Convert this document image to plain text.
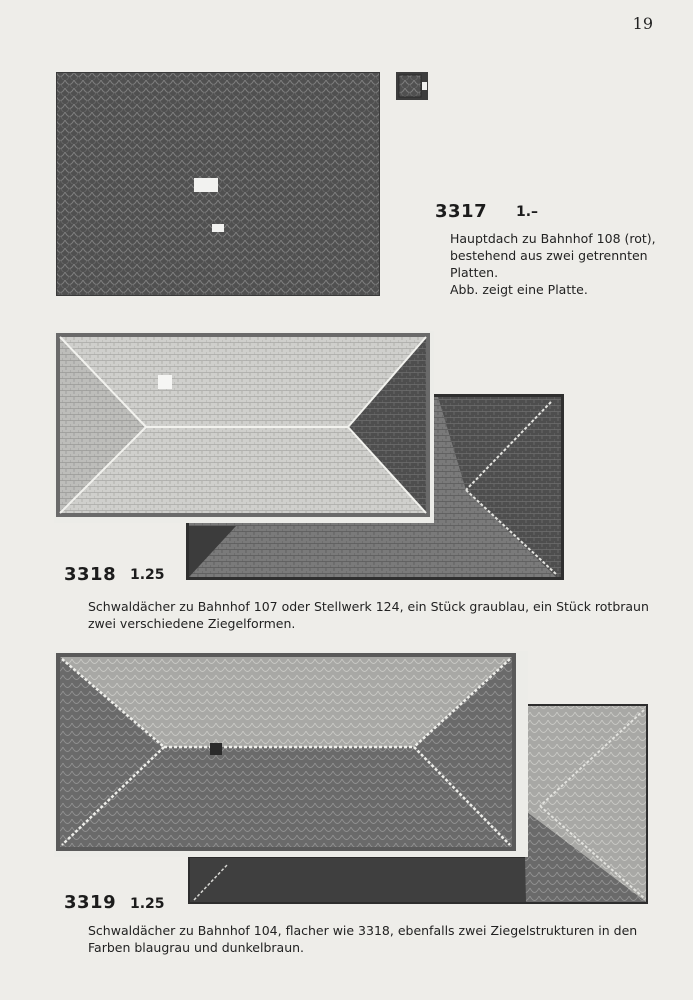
19
3317 1.–
Hauptdach zu Bahnhof 108 (rot),
bestehend aus zwei getrennten
Platten.
Abb. zeigt eine Platte.
3318 1.25
Schwaldächer zu Bahnhof 107 oder Stellwerk 124, ein Stück graublau, ein Stück rotbraun
zwei verschiedene Ziegelformen.
3319 1.25
Schwaldächer zu Bahnhof 104, flacher wie 3318, ebenfalls zwei Ziegelstrukturen in den
Farben blaugrau und dunkelbraun.
